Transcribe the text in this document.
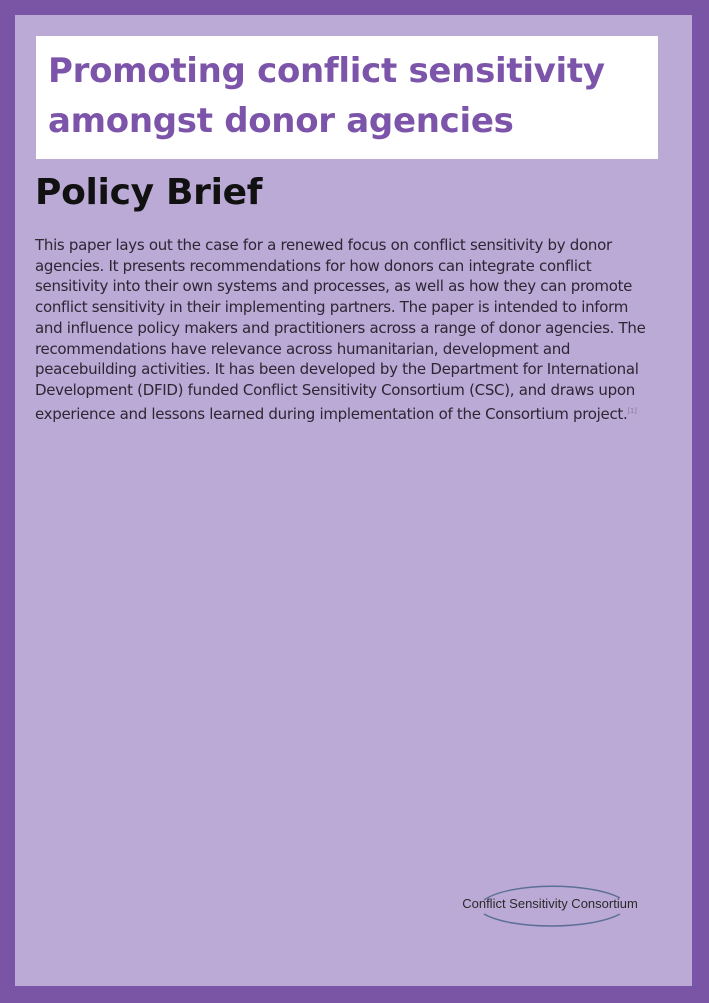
Promoting conflict sensitivity
amongst donor agencies
Policy Brief

This paper lays out the case for a renewed focus on conflict sensitivity by donor agencies. It presents recommendations for how donors can integrate conflict sensitivity into their own systems and processes, as well as how they can promote conflict sensitivity in their implementing partners. The paper is intended to inform and influence policy makers and practitioners across a range of donor agencies. The recommendations have relevance across humanitarian, development and peacebuilding activities. It has been developed by the Department for International Development (DFID) funded Conflict Sensitivity Consortium (CSC), and draws upon experience and lessons learned during implementation of the Consortium project.[1]

Conflict Sensitivity Consortium
